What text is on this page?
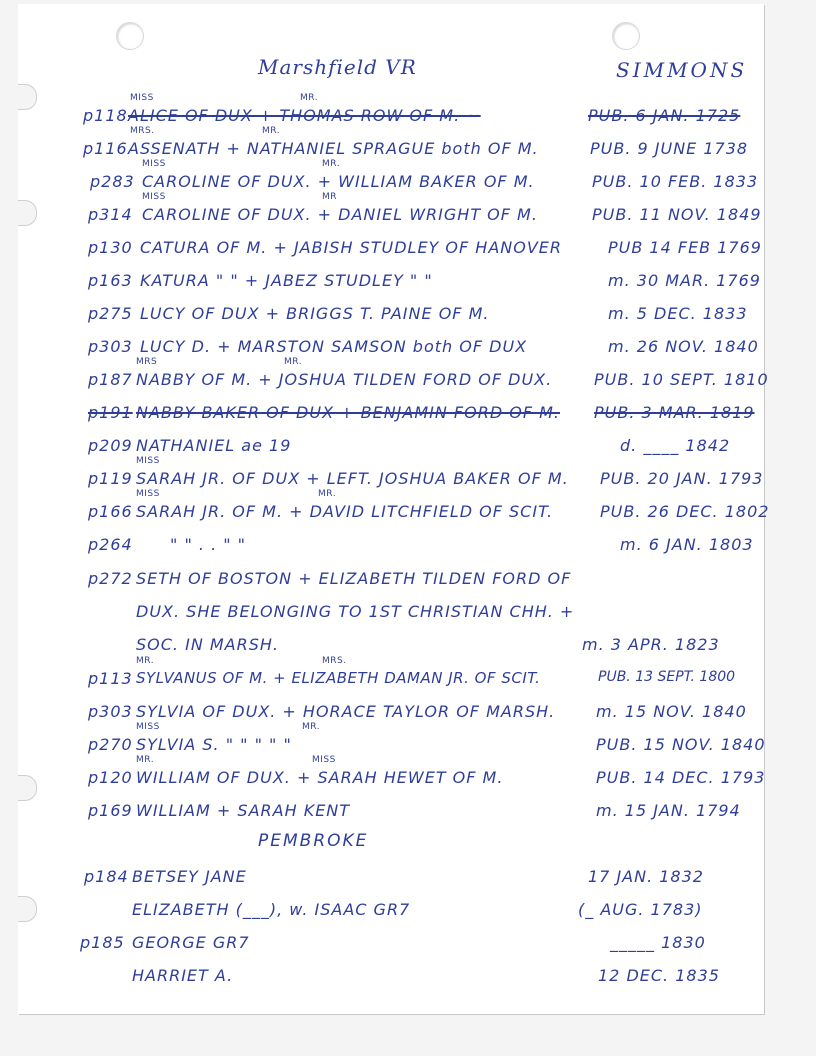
Marshfield VR	SIMMONS
MISS	MR.
p118 ALICE OF DUX + THOMAS ROW OF M. ~	PUB. 6 JAN. 1725
MRS.	MR.
p116 ASSENATH + NATHANIEL SPRAGUE both OF M.	PUB. 9 JUNE 1738
MISS	MR.
p283 CAROLINE OF DUX. + WILLIAM BAKER OF M.	PUB. 10 FEB. 1833
MISS	MR
p314 CAROLINE OF DUX. + DANIEL WRIGHT OF M.	PUB. 11 NOV. 1849
p130 CATURA OF M. + JABISH STUDLEY OF HANOVER	PUB 14 FEB 1769
p163 KATURA " " + JABEZ STUDLEY " "	m. 30 MAR. 1769
p275 LUCY OF DUX + BRIGGS T. PAINE OF M.	m. 5 DEC. 1833
p303 LUCY D. + MARSTON SAMSON both OF DUX	m. 26 NOV. 1840
MRS	MR.
p187 NABBY OF M. + JOSHUA TILDEN FORD OF DUX.	PUB. 10 SEPT. 1810
p191 NABBY BAKER OF DUX + BENJAMIN FORD OF M. PUB. 3 MAR. 1819
p209 NATHANIEL ae 19	d. ____ 1842
MISS
p119 SARAH JR. OF DUX + LEFT. JOSHUA BAKER OF M. PUB. 20 JAN. 1793
MISS	MR.
p166 SARAH JR. OF M. + DAVID LITCHFIELD OF SCIT.	PUB. 26 DEC. 1802
p264 " " . . " "	m. 6 JAN. 1803
p272 SETH OF BOSTON + ELIZABETH TILDEN FORD OF
DUX. SHE BELONGING TO 1ST CHRISTIAN CHH. +
SOC. IN MARSH.	m. 3 APR. 1823
MR.	MRS.
p113 SYLVANUS OF M. + ELIZABETH DAMAN JR. OF SCIT.	PUB. 13 SEPT. 1800
p303 SYLVIA OF DUX. + HORACE TAYLOR OF MARSH.	m. 15 NOV. 1840
MISS	MR.
p270 SYLVIA S. " " " " "	PUB. 15 NOV. 1840
MR.	MISS
p120 WILLIAM OF DUX. + SARAH HEWET OF M.	PUB. 14 DEC. 1793
p169 WILLIAM + SARAH KENT	m. 15 JAN. 1794
PEMBROKE
p184 BETSEY JANE	17 JAN. 1832
ELIZABETH (___), w. ISAAC GR7	(_ AUG. 1783)
p185 GEORGE GR7	_____ 1830
HARRIET A.	12 DEC. 1835
